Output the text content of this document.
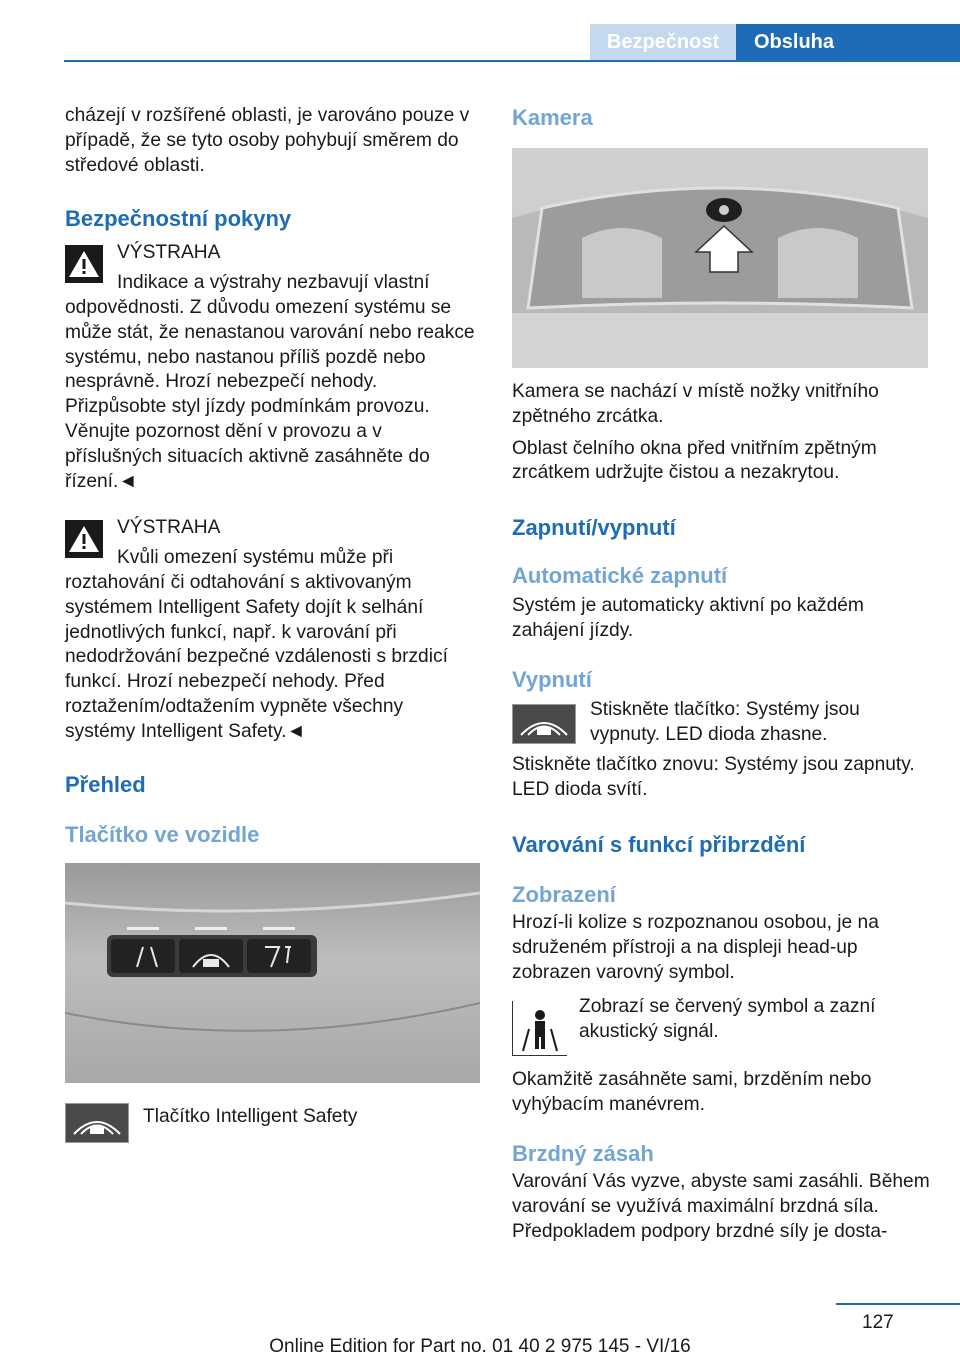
Bezpečnost	Obsluha

cházejí v rozšířené oblasti, je varováno pouze v případě, že se tyto osoby pohybují směrem do středové oblasti.

Bezpečnostní pokyny

VÝSTRAHA

Indikace a výstrahy nezbavují vlastní odpovědnosti. Z důvodu omezení systému se může stát, že nenastanou varování nebo reakce systému, nebo nastanou příliš pozdě nebo nesprávně. Hrozí nebezpečí nehody. Přizpůsobte styl jízdy podmínkám provozu. Věnujte pozornost dění v provozu a v příslušných situacích aktivně zasáhněte do řízení.◄

VÝSTRAHA

Kvůli omezení systému může při roztahování či odtahování s aktivovaným systémem Intelligent Safety dojít k selhání jednotlivých funkcí, např. k varování při nedodržování bezpečné vzdálenosti s brzdicí funkcí. Hrozí nebezpečí nehody. Před roztažením/odtažením vypněte všechny systémy Intelligent Safety.◄

Přehled
Tlačítko ve vozidle

Tlačítko Intelligent Safety

Kamera

Kamera se nachází v místě nožky vnitřního zpětného zrcátka.

Oblast čelního okna před vnitřním zpětným zrcátkem udržujte čistou a nezakrytou.

Zapnutí/vypnutí
Automatické zapnutí

Systém je automaticky aktivní po každém zahájení jízdy.

Vypnutí

Stiskněte tlačítko: Systémy jsou vypnuty. LED dioda zhasne.

Stiskněte tlačítko znovu: Systémy jsou zapnuty. LED dioda svítí.

Varování s funkcí přibrzdění
Zobrazení

Hrozí-li kolize s rozpoznanou osobou, je na sdruženém přístroji a na displeji head-up zobrazen varovný symbol.

Zobrazí se červený symbol a zazní akustický signál.

Okamžitě zasáhněte sami, brzděním nebo vyhýbacím manévrem.

Brzdný zásah

Varování Vás vyzve, abyste sami zasáhli. Během varování se využívá maximální brzdná síla. Předpokladem podpory brzdné síly je dosta-

127
Online Edition for Part no. 01 40 2 975 145 - VI/16
